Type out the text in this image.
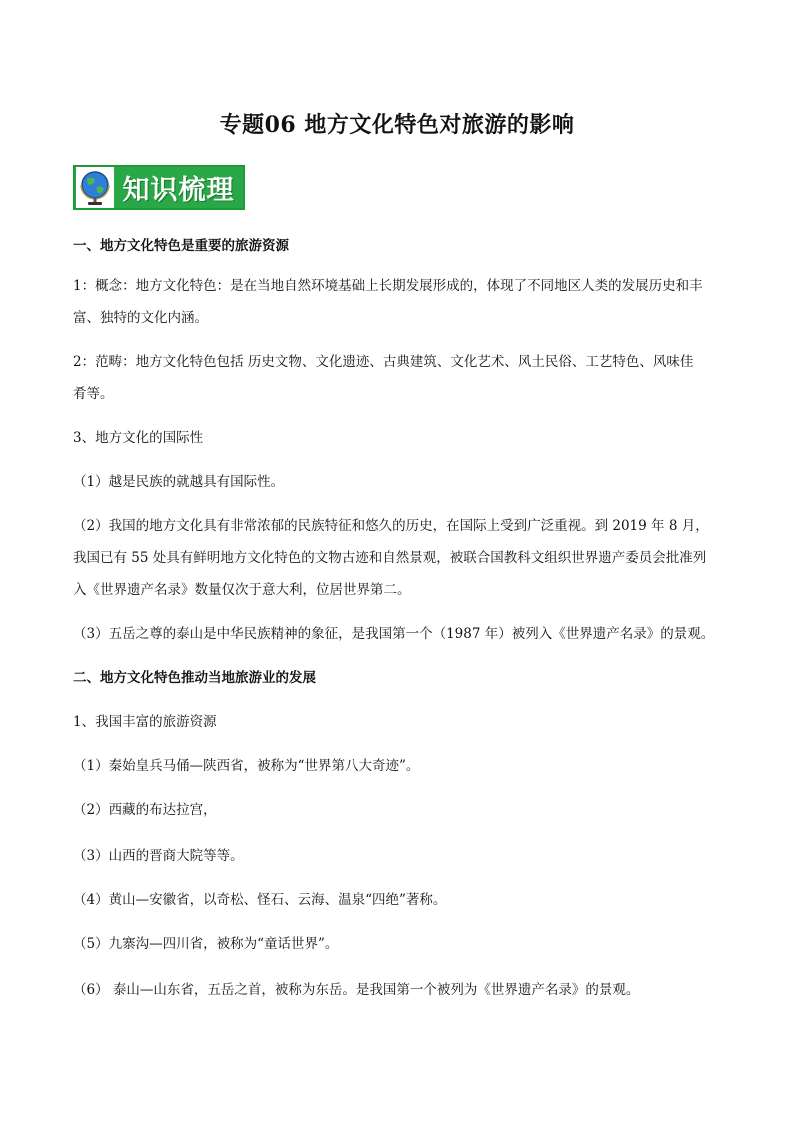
专题06 地方文化特色对旅游的影响
知识梳理
一、地方文化特色是重要的旅游资源
1：概念：地方文化特色：是在当地自然环境基础上长期发展形成的，体现了不同地区人类的发展历史和丰
富、独特的文化内涵。
2：范畴：地方文化特色包括 历史文物、文化遗迹、古典建筑、文化艺术、风土民俗、工艺特色、风味佳
肴等。
3、地方文化的国际性
（1）越是民族的就越具有国际性。
（2）我国的地方文化具有非常浓郁的民族特征和悠久的历史，在国际上受到广泛重视。到 2019 年 8 月，
我国已有 55 处具有鲜明地方文化特色的文物古迹和自然景观，被联合国教科文组织世界遗产委员会批准列
入《世界遗产名录》数量仅次于意大利，位居世界第二。
（3）五岳之尊的泰山是中华民族精神的象征，是我国第一个（1987 年）被列入《世界遗产名录》的景观。
二、地方文化特色推动当地旅游业的发展
1、我国丰富的旅游资源
（1）秦始皇兵马俑—陕西省，被称为“世界第八大奇迹”。
（2）西藏的布达拉宫，
（3）山西的晋商大院等等。
（4）黄山—安徽省，以奇松、怪石、云海、温泉“四绝”著称。
（5）九寨沟—四川省，被称为“童话世界”。
（6） 泰山—山东省，五岳之首，被称为东岳。是我国第一个被列为《世界遗产名录》的景观。
